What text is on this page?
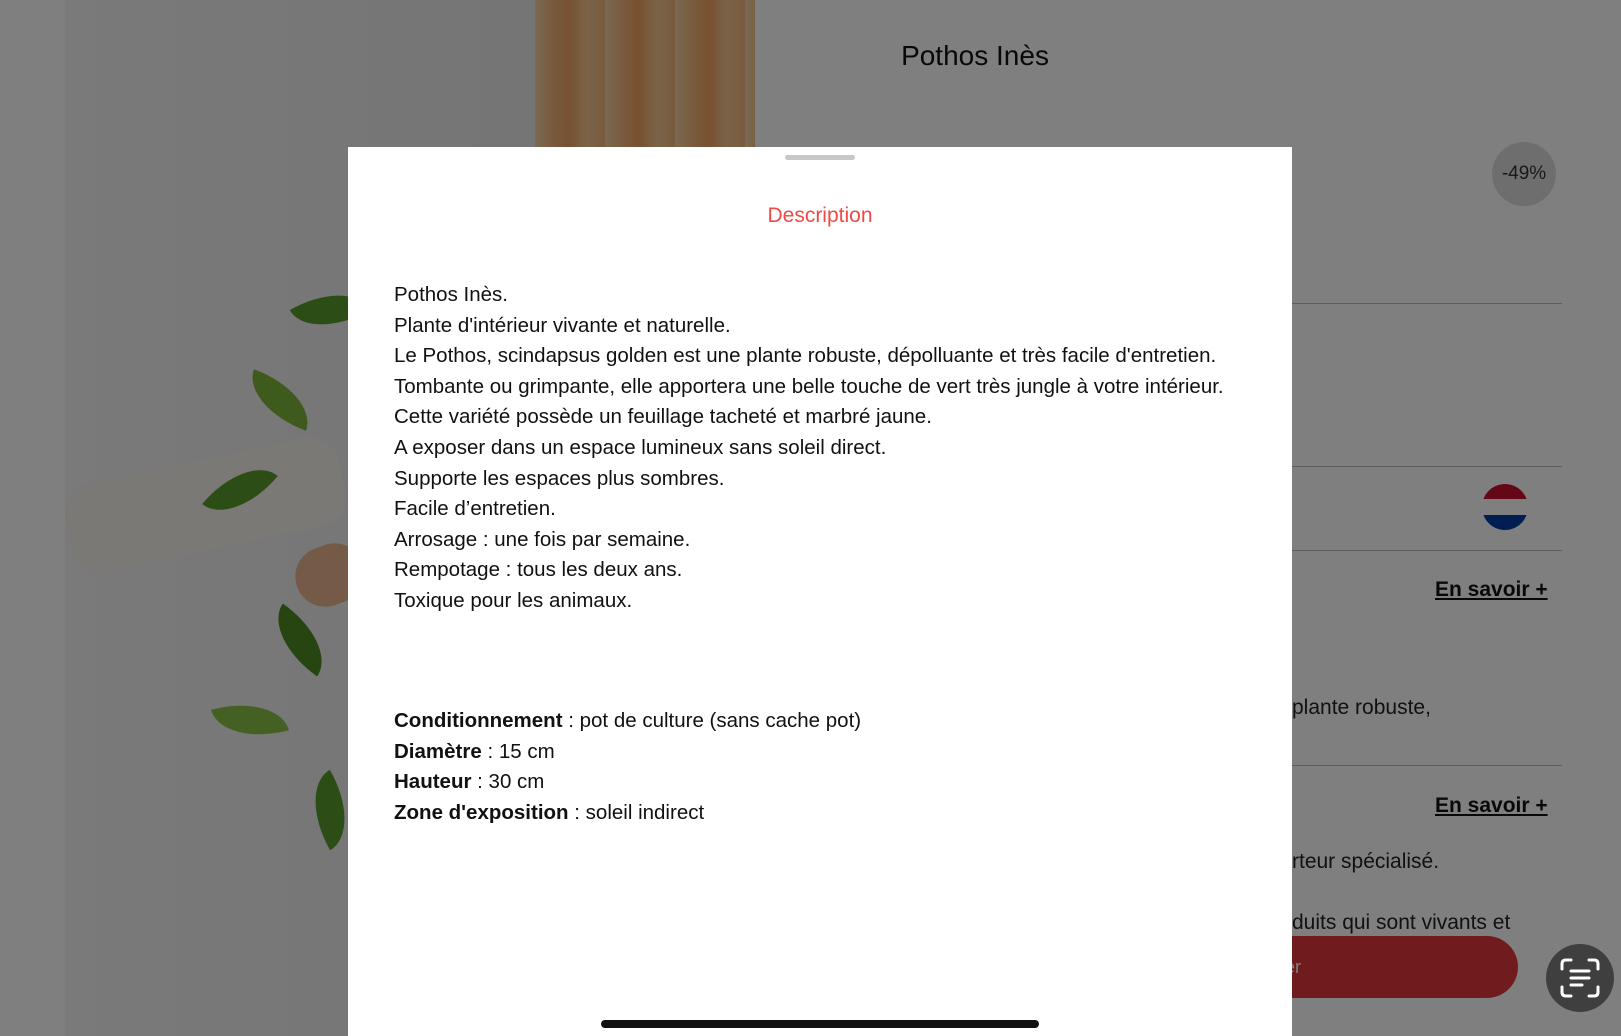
Description

Pothos Inès.

Plante d'intérieur vivante et naturelle.

Le Pothos, scindapsus golden est une plante robuste, dépolluante et très facile d'entretien.

Tombante ou grimpante, elle apportera une belle touche de vert très jungle à votre intérieur.

Cette variété possède un feuillage tacheté et marbré jaune.

A exposer dans un espace lumineux sans soleil direct.

Supporte les espaces plus sombres.

Facile d’entretien.

Arrosage : une fois par semaine.

Rempotage : tous les deux ans.

Toxique pour les animaux.

Conditionnement : pot de culture (sans cache pot)

Diamètre : 15 cm

Hauteur : 30 cm

Zone d'exposition : soleil indirect
